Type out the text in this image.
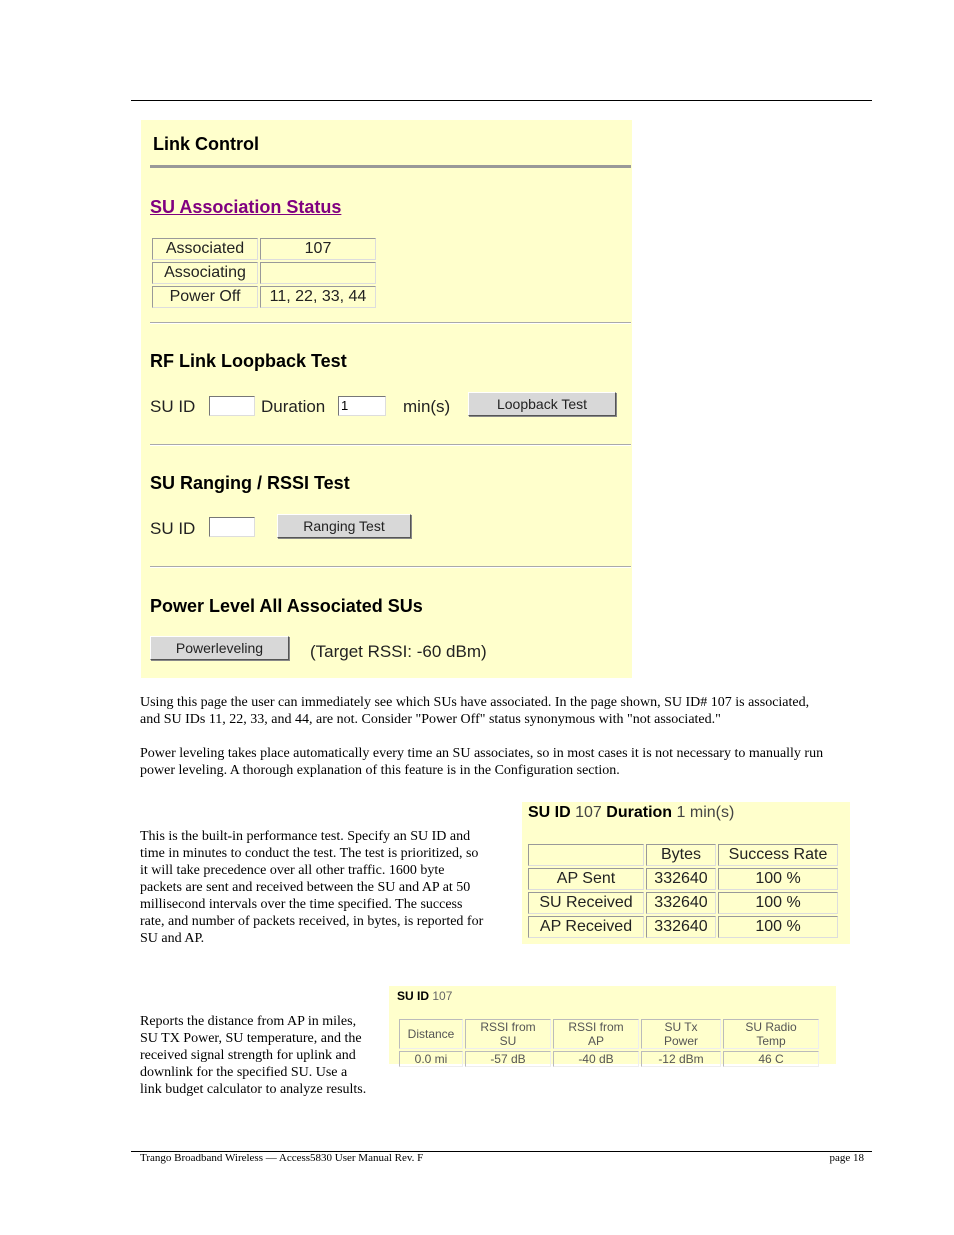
Link Control
SU Association Status
Associated	107
Associating	
Power Off	11, 22, 33, 44
RF Link Loopback Test
SU ID	Duration 1	min(s)	Loopback Test
SU Ranging / RSSI Test
SU ID	Ranging Test
Power Level All Associated SUs
Powerleveling	(Target RSSI: -60 dBm)
Using this page the user can immediately see which SUs have associated. In the page shown, SU ID# 107 is associated,
and SU IDs 11, 22, 33, and 44, are not. Consider "Power Off" status synonymous with "not associated."
Power leveling takes place automatically every time an SU associates, so in most cases it is not necessary to manually run
power leveling. A thorough explanation of this feature is in the Configuration section.
This is the built-in performance test. Specify an SU ID and
time in minutes to conduct the test. The test is prioritized, so
it will take precedence over all other traffic. 1600 byte
packets are sent and received between the SU and AP at 50
millisecond intervals over the time specified. The success
rate, and number of packets received, in bytes, is reported for
SU and AP.
Reports the distance from AP in miles,
SU TX Power, SU temperature, and the
received signal strength for uplink and
downlink for the specified SU. Use a
link budget calculator to analyze results.
SU ID 107 Duration 1 min(s)
	Bytes	Success Rate
AP Sent	332640	100 %
SU Received	332640	100 %
AP Received	332640	100 %
SU ID 107
Distance	RSSI from SU	RSSI from AP	SU Tx Power	SU Radio Temp
0.0 mi	-57 dB	-40 dB	-12 dBm	46 C
Trango Broadband Wireless — Access5830 User Manual Rev. F	page 18
